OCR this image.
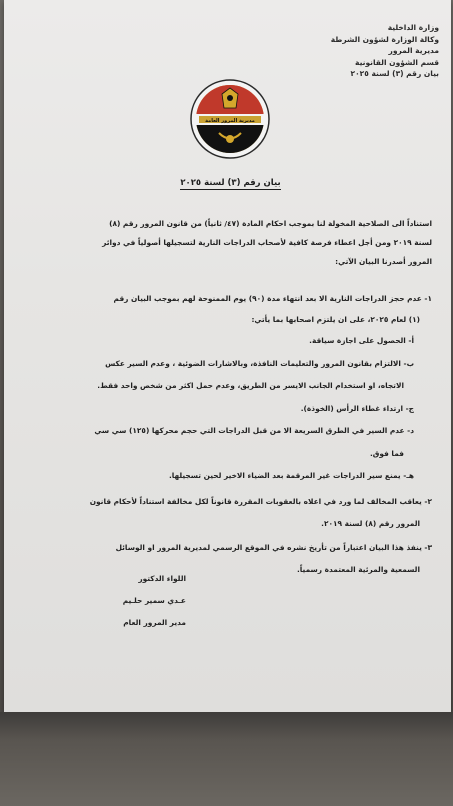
وزارة الداخلية
وكالة الوزارة لشؤون الشرطة
مديرية المرور
قسم الشؤون القانونية
بيان رقم (٣) لسنة ٢٠٢٥
مديرية المرور العامة
بيان رقم (٣) لسنة ٢٠٢٥

استناداً الى الصلاحية المخولة لنا بموجب احكام المادة (٤٧/ ثانياً) من قانون المرور رقم (٨)

لسنة ٢٠١٩ ومن أجل اعطاء فرصة كافية لأصحاب الدراجات النارية لتسجيلها أصولياً في دوائر

المرور أصدرنا البيان الآتي:

١- عدم حجز الدراجات النارية الا بعد انتهاء مدة (٩٠) يوم الممنوحة لهم بموجب البيان رقم

(١) لعام ٢٠٢٥، على ان يلتزم اصحابها بما يأتي:

أ- الحصول على اجازة سياقة.

ب- الالتزام بقانون المرور والتعليمات النافذة، وبالاشارات الضوئية ، وعدم السير عكس

الاتجاه، او استخدام الجانب الايسر من الطريق، وعدم حمل اكثر من شخص واحد فقط.

ج- ارتداء غطاء الرأس (الخوذة).

د- عدم السير في الطرق السريعة الا من قبل الدراجات التي حجم محركها (١٢٥) سي سي

فما فوق.

هـ- يمنع سير الدراجات غير المرقمة بعد الضياء الاخير لحين تسجيلها.

٢- يعاقب المخالف لما ورد في اعلاه بالعقوبات المقررة قانوناً لكل مخالفة استناداً لأحكام قانون

المرور رقم (٨) لسنة ٢٠١٩.

٣- ينفذ هذا البيان اعتباراً من تأريخ نشره في الموقع الرسمي لمديرية المرور او الوسائل

السمعية والمرئية المعتمدة رسمياً.

اللواء الدكتور
عـدي سمير حلـيم
مدير المرور العام
